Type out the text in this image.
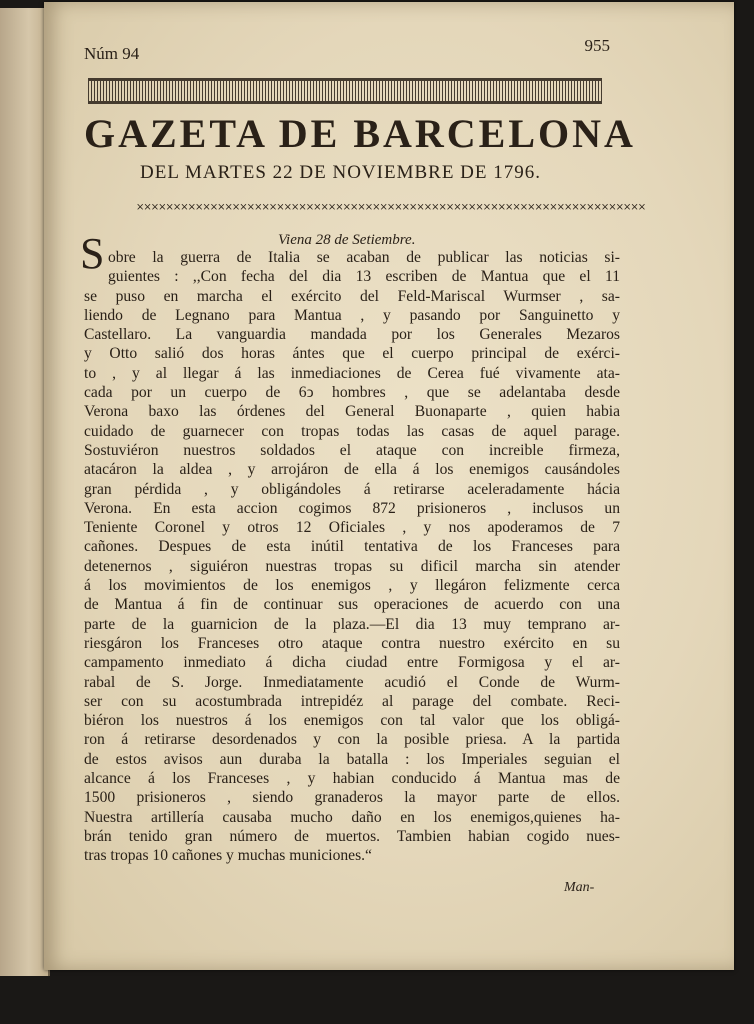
Núm 94	955
GAZETA DE BARCELONA
DEL MARTES 22 DE NOVIEMBRE DE 1796.
×××××××××××××××××××××××××××××××××××××××××××××××××××××××××××××××××××××
Viena 28 de Setiembre.
S obre la guerra de Italia se acaban de publicar las noticias si-
guientes : ,,Con fecha del dia 13 escriben de Mantua que el 11
se puso en marcha el exército del Feld-Mariscal Wurmser , sa-
liendo de Legnano para Mantua , y pasando por Sanguinetto y
Castellaro. La vanguardia mandada por los Generales Mezaros
y Otto salió dos horas ántes que el cuerpo principal de exérci-
to , y al llegar á las inmediaciones de Cerea fué vivamente ata-
cada por un cuerpo de 6ↄ hombres , que se adelantaba desde
Verona baxo las órdenes del General Buonaparte , quien habia
cuidado de guarnecer con tropas todas las casas de aquel parage.
Sostuviéron nuestros soldados el ataque con increible firmeza,
atacáron la aldea , y arrojáron de ella á los enemigos causándoles
gran pérdida , y obligándoles á retirarse aceleradamente hácia
Verona. En esta accion cogimos 872 prisioneros , inclusos un
Teniente Coronel y otros 12 Oficiales , y nos apoderamos de 7
cañones. Despues de esta inútil tentativa de los Franceses para
detenernos , siguiéron nuestras tropas su dificil marcha sin atender
á los movimientos de los enemigos , y llegáron felizmente cerca
de Mantua á fin de continuar sus operaciones de acuerdo con una
parte de la guarnicion de la plaza.—El dia 13 muy temprano ar-
riesgáron los Franceses otro ataque contra nuestro exército en su
campamento inmediato á dicha ciudad entre Formigosa y el ar-
rabal de S. Jorge. Inmediatamente acudió el Conde de Wurm-
ser con su acostumbrada intrepidéz al parage del combate. Reci-
biéron los nuestros á los enemigos con tal valor que los obligá-
ron á retirarse desordenados y con la posible priesa. A la partida
de estos avisos aun duraba la batalla : los Imperiales seguian el
alcance á los Franceses , y habian conducido á Mantua mas de
1500 prisioneros , siendo granaderos la mayor parte de ellos.
Nuestra artillería causaba mucho daño en los enemigos,quienes ha-
brán tenido gran número de muertos. Tambien habian cogido nues-
tras tropas 10 cañones y muchas municiones.“
Man-
